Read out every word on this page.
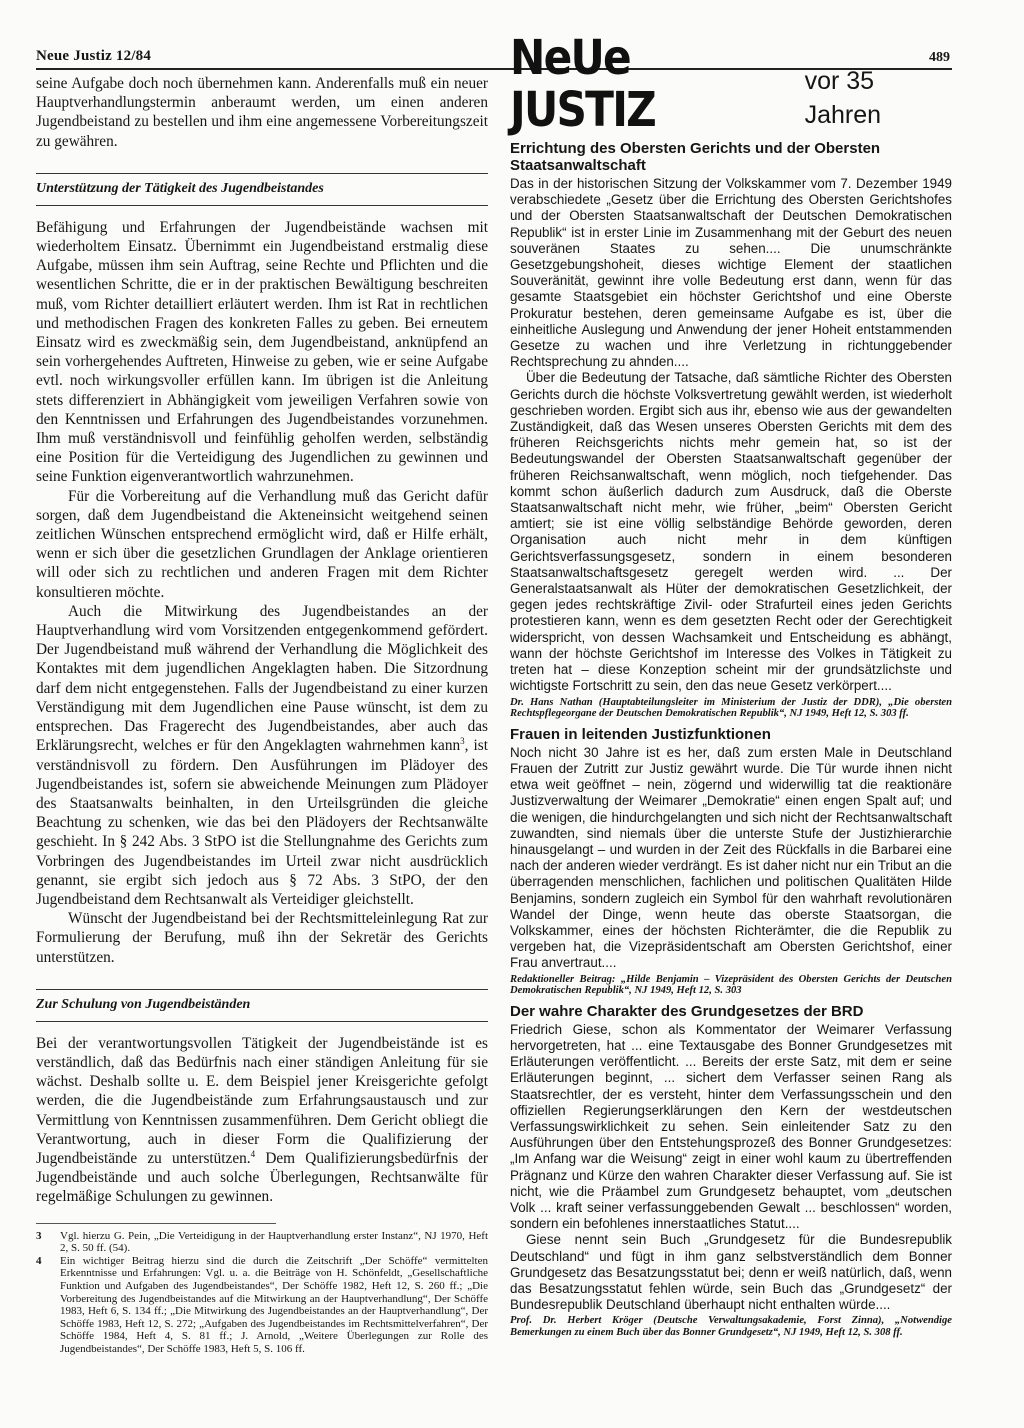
Neue Justiz 12/84	489

seine Aufgabe doch noch übernehmen kann. Anderenfalls muß ein neuer Hauptverhandlungstermin anberaumt werden, um einen anderen Jugendbeistand zu bestellen und ihm eine angemessene Vorbereitungszeit zu gewähren.

Unterstützung der Tätigkeit des Jugendbeistandes

Befähigung und Erfahrungen der Jugendbeistände wachsen mit wiederholtem Einsatz. Übernimmt ein Jugendbeistand erstmalig diese Aufgabe, müssen ihm sein Auftrag, seine Rechte und Pflichten und die wesentlichen Schritte, die er in der praktischen Bewältigung beschreiten muß, vom Richter detailliert erläutert werden. Ihm ist Rat in rechtlichen und methodischen Fragen des konkreten Falles zu geben. Bei erneutem Einsatz wird es zweckmäßig sein, dem Jugendbeistand, anknüpfend an sein vorhergehendes Auftreten, Hinweise zu geben, wie er seine Aufgabe evtl. noch wirkungsvoller erfüllen kann. Im übrigen ist die Anleitung stets differenziert in Abhängigkeit vom jeweiligen Verfahren sowie von den Kenntnissen und Erfahrungen des Jugendbeistandes vorzunehmen. Ihm muß verständnisvoll und feinfühlig geholfen werden, selbständig eine Position für die Verteidigung des Jugendlichen zu gewinnen und seine Funktion eigenverantwortlich wahrzunehmen.

Für die Vorbereitung auf die Verhandlung muß das Gericht dafür sorgen, daß dem Jugendbeistand die Akteneinsicht weitgehend seinen zeitlichen Wünschen entsprechend ermöglicht wird, daß er Hilfe erhält, wenn er sich über die gesetzlichen Grundlagen der Anklage orientieren will oder sich zu rechtlichen und anderen Fragen mit dem Richter konsultieren möchte.

Auch die Mitwirkung des Jugendbeistandes an der Hauptverhandlung wird vom Vorsitzenden entgegenkommend gefördert. Der Jugendbeistand muß während der Verhandlung die Möglichkeit des Kontaktes mit dem jugendlichen Angeklagten haben. Die Sitzordnung darf dem nicht entgegenstehen. Falls der Jugendbeistand zu einer kurzen Verständigung mit dem Jugendlichen eine Pause wünscht, ist dem zu entsprechen. Das Fragerecht des Jugendbeistandes, aber auch das Erklärungsrecht, welches er für den Angeklagten wahrnehmen kann$^3$, ist verständnisvoll zu fördern. Den Ausführungen im Plädoyer des Jugendbeistandes ist, sofern sie abweichende Meinungen zum Plädoyer des Staatsanwalts beinhalten, in den Urteilsgründen die gleiche Beachtung zu schenken, wie das bei den Plädoyers der Rechtsanwälte geschieht. In § 242 Abs. 3 StPO ist die Stellungnahme des Gerichts zum Vorbringen des Jugendbeistandes im Urteil zwar nicht ausdrücklich genannt, sie ergibt sich jedoch aus § 72 Abs. 3 StPO, der den Jugendbeistand dem Rechtsanwalt als Verteidiger gleichstellt.

Wünscht der Jugendbeistand bei der Rechtsmitteleinlegung Rat zur Formulierung der Berufung, muß ihn der Sekretär des Gerichts unterstützen.

Zur Schulung von Jugendbeiständen

Bei der verantwortungsvollen Tätigkeit der Jugendbeistände ist es verständlich, daß das Bedürfnis nach einer ständigen Anleitung für sie wächst. Deshalb sollte u. E. dem Beispiel jener Kreisgerichte gefolgt werden, die die Jugendbeistände zum Erfahrungsaustausch und zur Vermittlung von Kenntnissen zusammenführen. Dem Gericht obliegt die Verantwortung, auch in dieser Form die Qualifizierung der Jugendbeistände zu unterstützen.$^4$ Dem Qualifizierungsbedürfnis der Jugendbeistände und auch solche Überlegungen, Rechtsanwälte für regelmäßige Schulungen zu gewinnen.

3	Vgl. hierzu G. Pein, „Die Verteidigung in der Hauptverhandlung erster Instanz“, NJ 1970, Heft 2, S. 50 ff. (54).
4	Ein wichtiger Beitrag hierzu sind die durch die Zeitschrift „Der Schöffe“ vermittelten Erkenntnisse und Erfahrungen: Vgl. u. a. die Beiträge von H. Schönfeldt, „Gesellschaftliche Funktion und Aufgaben des Jugendbeistandes“, Der Schöffe 1982, Heft 12, S. 260 ff.; „Die Vorbereitung des Jugendbeistandes auf die Mitwirkung an der Hauptverhandlung“, Der Schöffe 1983, Heft 6, S. 134 ff.; „Die Mitwirkung des Jugendbeistandes an der Hauptverhandlung“, Der Schöffe 1983, Heft 12, S. 272; „Aufgaben des Jugendbeistandes im Rechtsmittelverfahren“, Der Schöffe 1984, Heft 4, S. 81 ff.; J. Arnold, „Weitere Überlegungen zur Rolle des Jugendbeistandes“, Der Schöffe 1983, Heft 5, S. 106 ff.
NeUe JUSTIZ
vor 35 Jahren
Errichtung des Obersten Gerichts und der Obersten Staatsanwaltschaft

Das in der historischen Sitzung der Volkskammer vom 7. Dezember 1949 verabschiedete „Gesetz über die Errichtung des Obersten Gerichtshofes und der Obersten Staatsanwaltschaft der Deutschen Demokratischen Republik“ ist in erster Linie im Zusammenhang mit der Geburt des neuen souveränen Staates zu sehen.... Die unumschränkte Gesetzgebungshoheit, dieses wichtige Element der staatlichen Souveränität, gewinnt ihre volle Bedeutung erst dann, wenn für das gesamte Staatsgebiet ein höchster Gerichtshof und eine Oberste Prokuratur bestehen, deren gemeinsame Aufgabe es ist, über die einheitliche Auslegung und Anwendung der jener Hoheit entstammenden Gesetze zu wachen und ihre Verletzung in richtunggebender Rechtsprechung zu ahnden....

Über die Bedeutung der Tatsache, daß sämtliche Richter des Obersten Gerichts durch die höchste Volksvertretung gewählt werden, ist wiederholt geschrieben worden. Ergibt sich aus ihr, ebenso wie aus der gewandelten Zuständigkeit, daß das Wesen unseres Obersten Gerichts mit dem des früheren Reichsgerichts nichts mehr gemein hat, so ist der Bedeutungswandel der Obersten Staatsanwaltschaft gegenüber der früheren Reichsanwaltschaft, wenn möglich, noch tiefgehender. Das kommt schon äußerlich dadurch zum Ausdruck, daß die Oberste Staatsanwaltschaft nicht mehr, wie früher, „beim“ Obersten Gericht amtiert; sie ist eine völlig selbständige Behörde geworden, deren Organisation auch nicht mehr in dem künftigen Gerichtsverfassungsgesetz, sondern in einem besonderen Staatsanwaltschaftsgesetz geregelt werden wird. ... Der Generalstaatsanwalt als Hüter der demokratischen Gesetzlichkeit, der gegen jedes rechtskräftige Zivil- oder Strafurteil eines jeden Gerichts protestieren kann, wenn es dem gesetzten Recht oder der Gerechtigkeit widerspricht, von dessen Wachsamkeit und Entscheidung es abhängt, wann der höchste Gerichtshof im Interesse des Volkes in Tätigkeit zu treten hat – diese Konzeption scheint mir der grundsätzlichste und wichtigste Fortschritt zu sein, den das neue Gesetz verkörpert....

Dr. Hans Nathan (Hauptabteilungsleiter im Ministerium der Justiz der DDR), „Die obersten Rechtspflegeorgane der Deutschen Demokratischen Republik“, NJ 1949, Heft 12, S. 303 ff.
Frauen in leitenden Justizfunktionen

Noch nicht 30 Jahre ist es her, daß zum ersten Male in Deutschland Frauen der Zutritt zur Justiz gewährt wurde. Die Tür wurde ihnen nicht etwa weit geöffnet – nein, zögernd und widerwillig tat die reaktionäre Justizverwaltung der Weimarer „Demokratie“ einen engen Spalt auf; und die wenigen, die hindurchgelangten und sich nicht der Rechtsanwaltschaft zuwandten, sind niemals über die unterste Stufe der Justizhierarchie hinausgelangt – und wurden in der Zeit des Rückfalls in die Barbarei eine nach der anderen wieder verdrängt. Es ist daher nicht nur ein Tribut an die überragenden menschlichen, fachlichen und politischen Qualitäten Hilde Benjamins, sondern zugleich ein Symbol für den wahrhaft revolutionären Wandel der Dinge, wenn heute das oberste Staatsorgan, die Volkskammer, eines der höchsten Richterämter, die die Republik zu vergeben hat, die Vizepräsidentschaft am Obersten Gerichtshof, einer Frau anvertraut....

Redaktioneller Beitrag: „Hilde Benjamin – Vizepräsident des Obersten Gerichts der Deutschen Demokratischen Republik“, NJ 1949, Heft 12, S. 303
Der wahre Charakter des Grundgesetzes der BRD

Friedrich Giese, schon als Kommentator der Weimarer Verfassung hervorgetreten, hat ... eine Textausgabe des Bonner Grundgesetzes mit Erläuterungen veröffentlicht. ... Bereits der erste Satz, mit dem er seine Erläuterungen beginnt, ... sichert dem Verfasser seinen Rang als Staatsrechtler, der es versteht, hinter dem Verfassungsschein und den offiziellen Regierungserklärungen den Kern der westdeutschen Verfassungswirklichkeit zu sehen. Sein einleitender Satz zu den Ausführungen über den Entstehungsprozeß des Bonner Grundgesetzes: „Im Anfang war die Weisung“ zeigt in einer wohl kaum zu übertreffenden Prägnanz und Kürze den wahren Charakter dieser Verfassung auf. Sie ist nicht, wie die Präambel zum Grundgesetz behauptet, vom „deutschen Volk ... kraft seiner verfassunggebenden Gewalt ... beschlossen“ worden, sondern ein befohlenes innerstaatliches Statut....

Giese nennt sein Buch „Grundgesetz für die Bundesrepublik Deutschland“ und fügt in ihm ganz selbstverständlich dem Bonner Grundgesetz das Besatzungsstatut bei; denn er weiß natürlich, daß, wenn das Besatzungsstatut fehlen würde, sein Buch das „Grundgesetz“ der Bundesrepublik Deutschland überhaupt nicht enthalten würde....

Prof. Dr. Herbert Kröger (Deutsche Verwaltungsakademie, Forst Zinna), „Notwendige Bemerkungen zu einem Buch über das Bonner Grundgesetz“, NJ 1949, Heft 12, S. 308 ff.
